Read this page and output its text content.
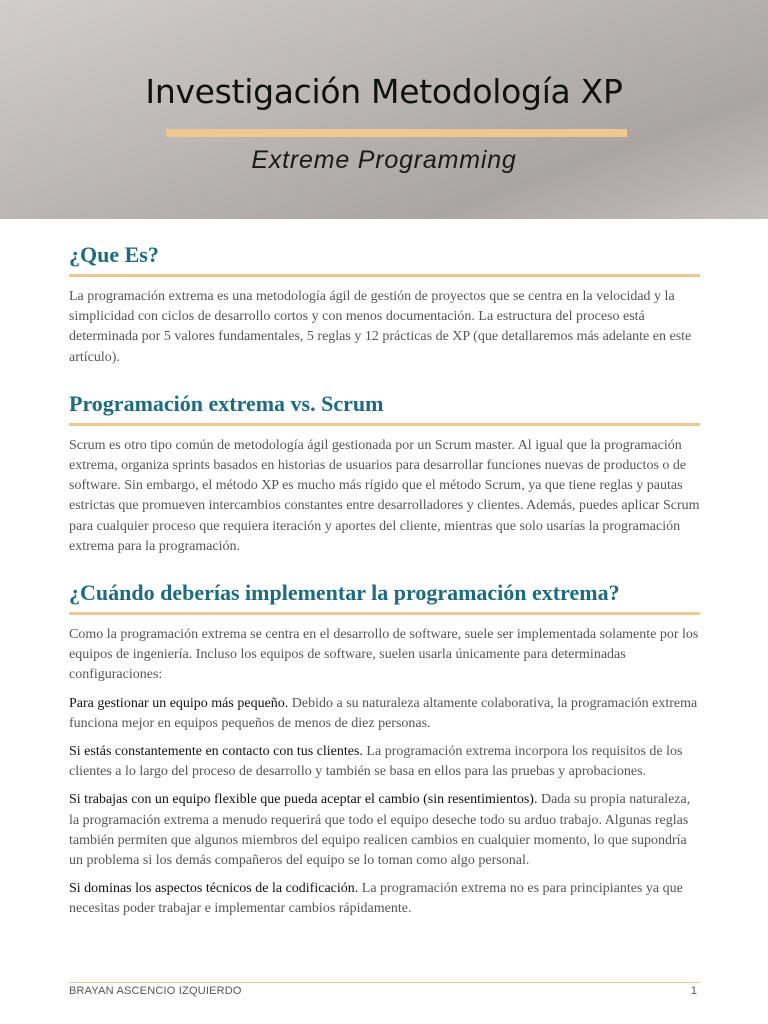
Investigación Metodología XP
Extreme Programming
¿Que Es?

La programación extrema es una metodología ágil de gestión de proyectos que se centra en la velocidad y la simplicidad con ciclos de desarrollo cortos y con menos documentación. La estructura del proceso está determinada por 5 valores fundamentales, 5 reglas y 12 prácticas de XP (que detallaremos más adelante en este artículo).

Programación extrema vs. Scrum

Scrum es otro tipo común de metodología ágil gestionada por un Scrum master. Al igual que la programación extrema, organiza sprints basados en historias de usuarios para desarrollar funciones nuevas de productos o de software. Sin embargo, el método XP es mucho más rígido que el método Scrum, ya que tiene reglas y pautas estrictas que promueven intercambios constantes entre desarrolladores y clientes. Además, puedes aplicar Scrum para cualquier proceso que requiera iteración y aportes del cliente, mientras que solo usarías la programación extrema para la programación.

¿Cuándo deberías implementar la programación extrema?

Como la programación extrema se centra en el desarrollo de software, suele ser implementada solamente por los equipos de ingeniería. Incluso los equipos de software, suelen usarla únicamente para determinadas configuraciones:

Para gestionar un equipo más pequeño. Debido a su naturaleza altamente colaborativa, la programación extrema funciona mejor en equipos pequeños de menos de diez personas.

Si estás constantemente en contacto con tus clientes. La programación extrema incorpora los requisitos de los clientes a lo largo del proceso de desarrollo y también se basa en ellos para las pruebas y aprobaciones.

Si trabajas con un equipo flexible que pueda aceptar el cambio (sin resentimientos). Dada su propia naturaleza, la programación extrema a menudo requerirá que todo el equipo deseche todo su arduo trabajo. Algunas reglas también permiten que algunos miembros del equipo realicen cambios en cualquier momento, lo que supondría un problema si los demás compañeros del equipo se lo toman como algo personal.

Si dominas los aspectos técnicos de la codificación. La programación extrema no es para principiantes ya que necesitas poder trabajar e implementar cambios rápidamente.

BRAYAN ASCENCIO IZQUIERDO	1
